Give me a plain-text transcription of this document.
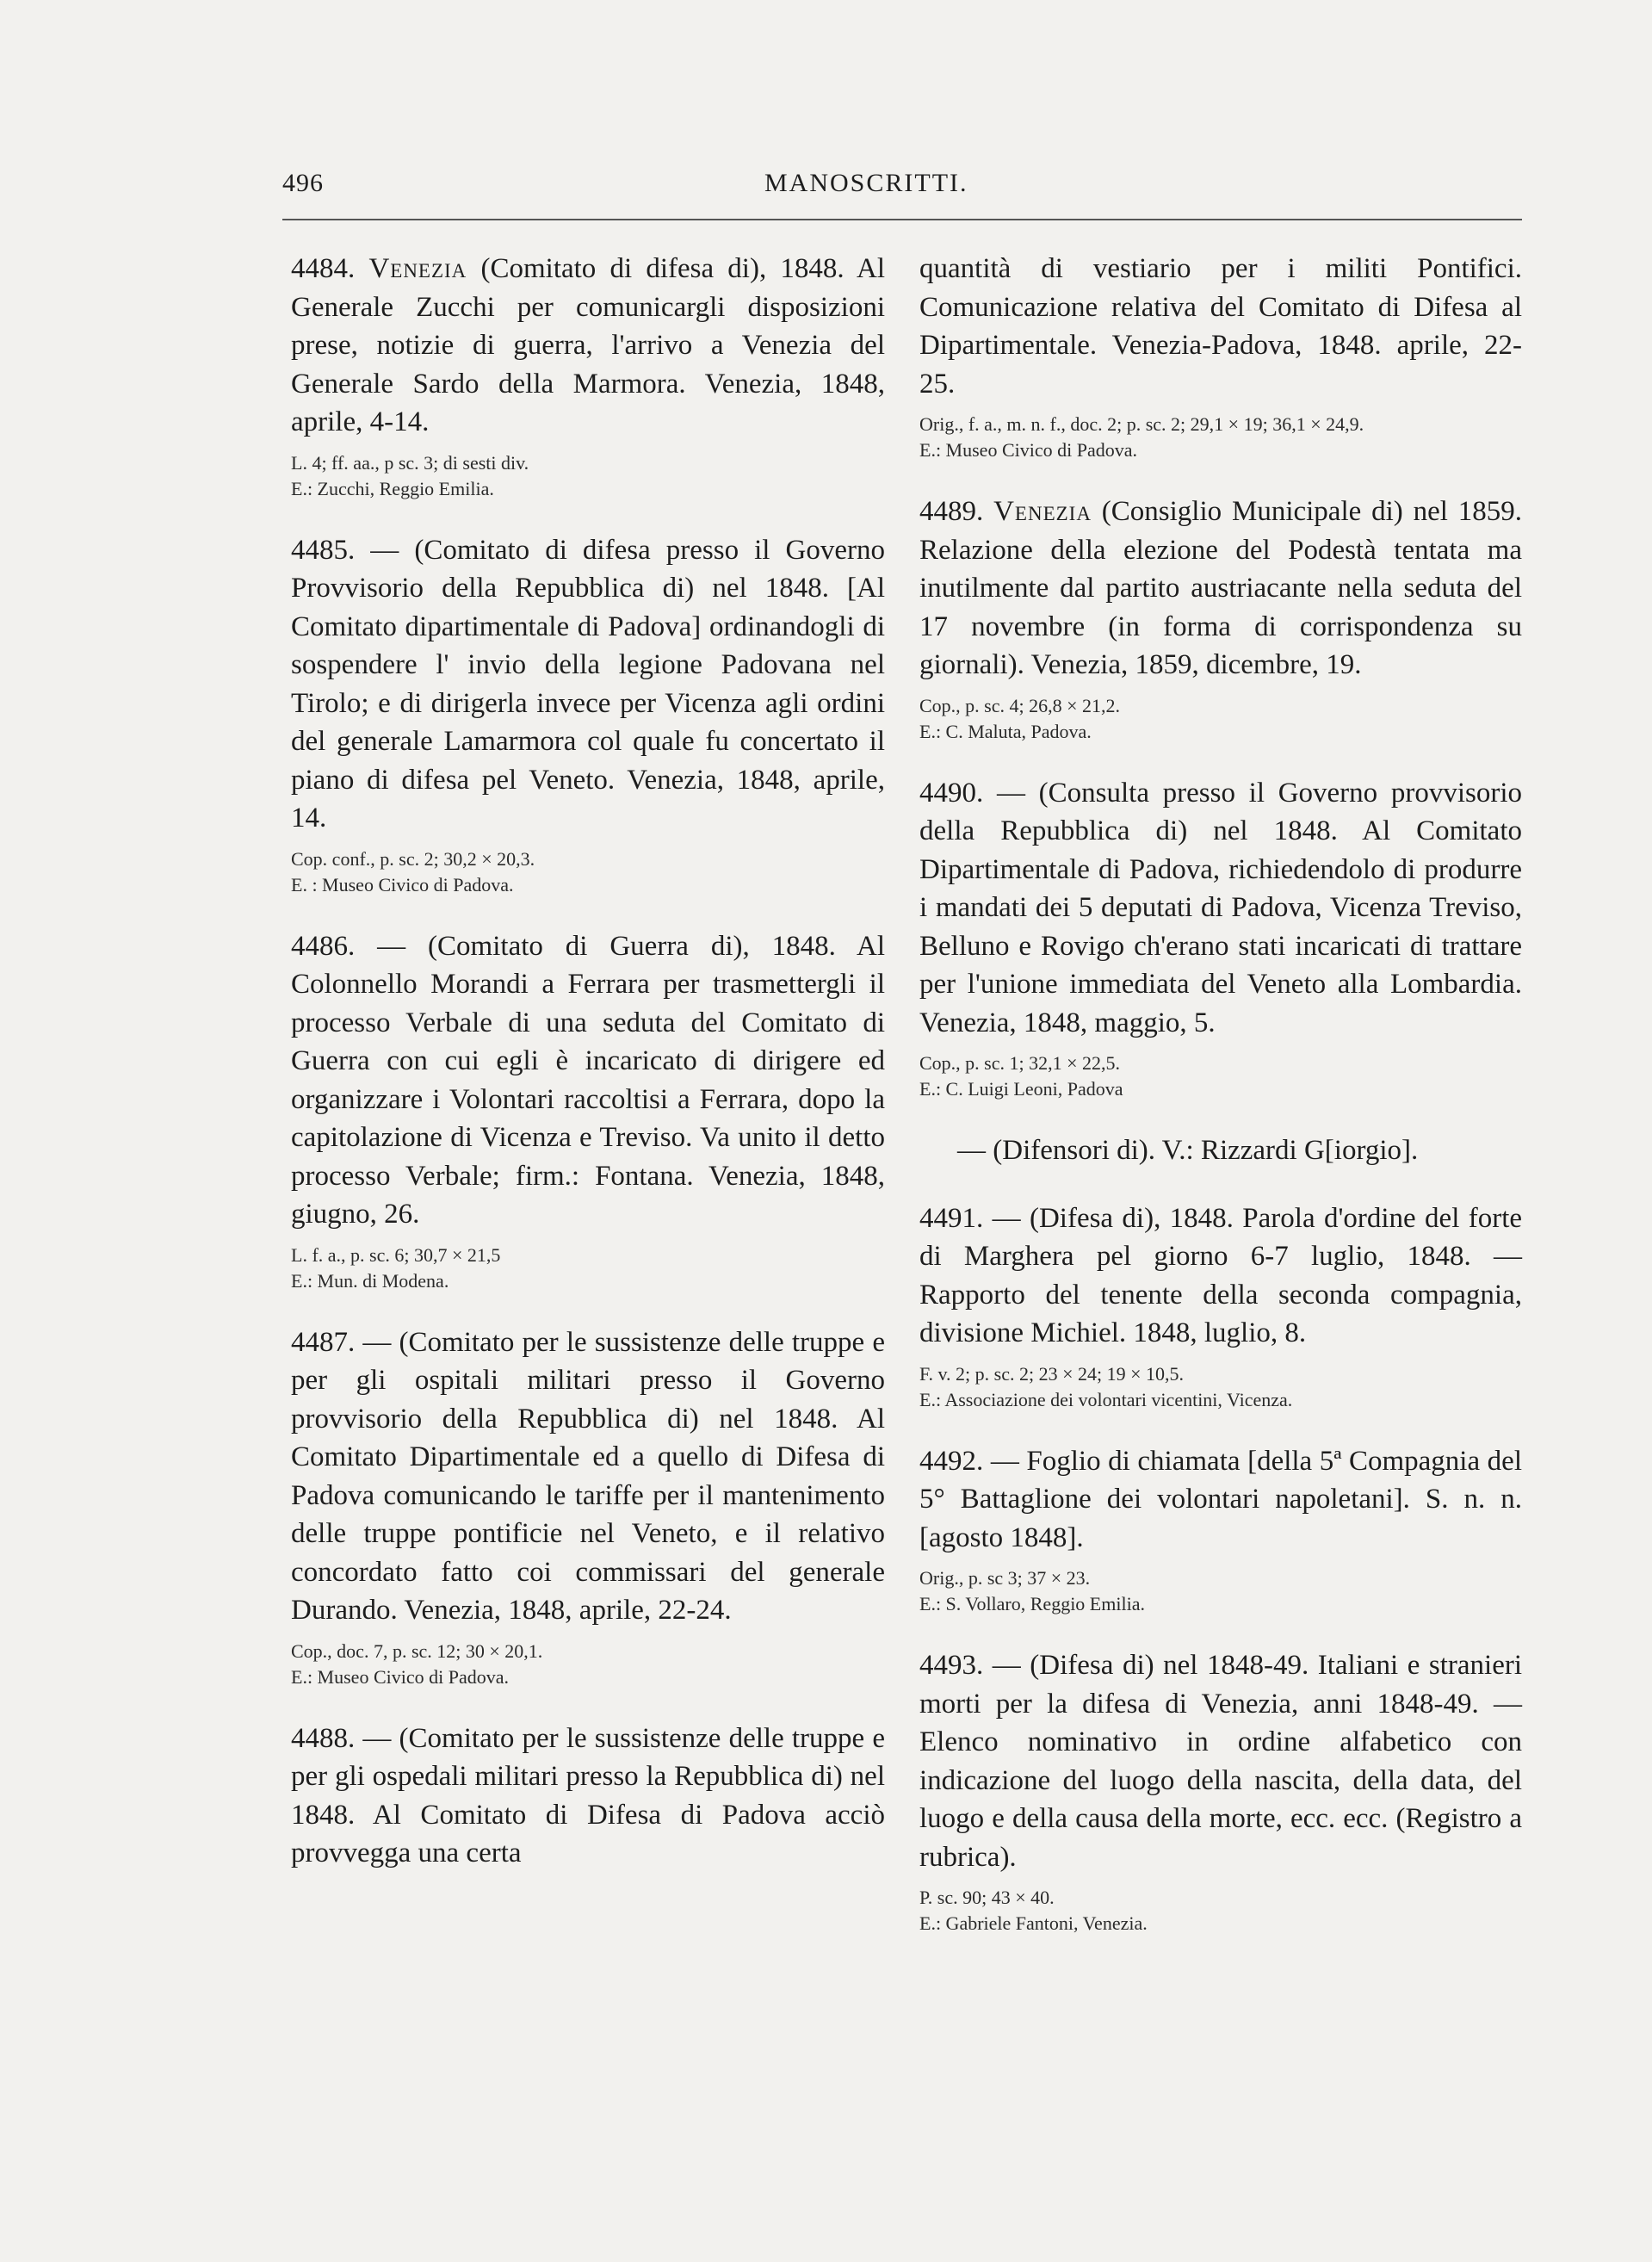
496	MANOSCRITTI.

4484. Venezia (Comitato di difesa di), 1848. Al Generale Zucchi per comunicargli disposizioni prese, notizie di guerra, l'arrivo a Venezia del Generale Sardo della Marmora. Venezia, 1848, aprile, 4-14.

L. 4; ff. aa., p sc. 3; di sesti div.
E.: Zucchi, Reggio Emilia.

4485. — (Comitato di difesa presso il Governo Provvisorio della Repubblica di) nel 1848. [Al Comitato dipartimentale di Padova] ordinandogli di sospendere l' invio della legione Padovana nel Tirolo; e di dirigerla invece per Vicenza agli ordini del generale Lamarmora col quale fu concertato il piano di difesa pel Veneto. Venezia, 1848, aprile, 14.

Cop. conf., p. sc. 2; 30,2 × 20,3.
E. : Museo Civico di Padova.

4486. — (Comitato di Guerra di), 1848. Al Colonnello Morandi a Ferrara per trasmettergli il processo Verbale di una seduta del Comitato di Guerra con cui egli è incaricato di dirigere ed organizzare i Volontari raccoltisi a Ferrara, dopo la capitolazione di Vicenza e Treviso. Va unito il detto processo Verbale; firm.: Fontana. Venezia, 1848, giugno, 26.

L. f. a., p. sc. 6; 30,7 × 21,5
E.: Mun. di Modena.

4487. — (Comitato per le sussistenze delle truppe e per gli ospitali militari presso il Governo provvisorio della Repubblica di) nel 1848. Al Comitato Dipartimentale ed a quello di Difesa di Padova comunicando le tariffe per il mantenimento delle truppe pontificie nel Veneto, e il relativo concordato fatto coi commissari del generale Durando. Venezia, 1848, aprile, 22-24.

Cop., doc. 7, p. sc. 12; 30 × 20,1.
E.: Museo Civico di Padova.

4488. — (Comitato per le sussistenze delle truppe e per gli ospedali militari presso la Repubblica di) nel 1848. Al Comitato di Difesa di Padova acciò provvegga una certa

quantità di vestiario per i militi Pontifici. Comunicazione relativa del Comitato di Difesa al Dipartimentale. Venezia-Padova, 1848. aprile, 22-25.

Orig., f. a., m. n. f., doc. 2; p. sc. 2; 29,1 × 19; 36,1 × 24,9.
E.: Museo Civico di Padova.

4489. Venezia (Consiglio Municipale di) nel 1859. Relazione della elezione del Podestà tentata ma inutilmente dal partito austriacante nella seduta del 17 novembre (in forma di corrispondenza su giornali). Venezia, 1859, dicembre, 19.

Cop., p. sc. 4; 26,8 × 21,2.
E.: C. Maluta, Padova.

4490. — (Consulta presso il Governo provvisorio della Repubblica di) nel 1848. Al Comitato Dipartimentale di Padova, richiedendolo di produrre i mandati dei 5 deputati di Padova, Vicenza Treviso, Belluno e Rovigo ch'erano stati incaricati di trattare per l'unione immediata del Veneto alla Lombardia. Venezia, 1848, maggio, 5.

Cop., p. sc. 1; 32,1 × 22,5.
E.: C. Luigi Leoni, Padova

— (Difensori di). V.: Rizzardi G[iorgio].

4491. — (Difesa di), 1848. Parola d'ordine del forte di Marghera pel giorno 6-7 luglio, 1848. — Rapporto del tenente della seconda compagnia, divisione Michiel. 1848, luglio, 8.

F. v. 2; p. sc. 2; 23 × 24; 19 × 10,5.
E.: Associazione dei volontari vicentini, Vicenza.

4492. — Foglio di chiamata [della 5ª Compagnia del 5° Battaglione dei volontari napoletani]. S. n. n. [agosto 1848].

Orig., p. sc 3; 37 × 23.
E.: S. Vollaro, Reggio Emilia.

4493. — (Difesa di) nel 1848-49. Italiani e stranieri morti per la difesa di Venezia, anni 1848-49. — Elenco nominativo in ordine alfabetico con indicazione del luogo della nascita, della data, del luogo e della causa della morte, ecc. ecc. (Registro a rubrica).

P. sc. 90; 43 × 40.
E.: Gabriele Fantoni, Venezia.
